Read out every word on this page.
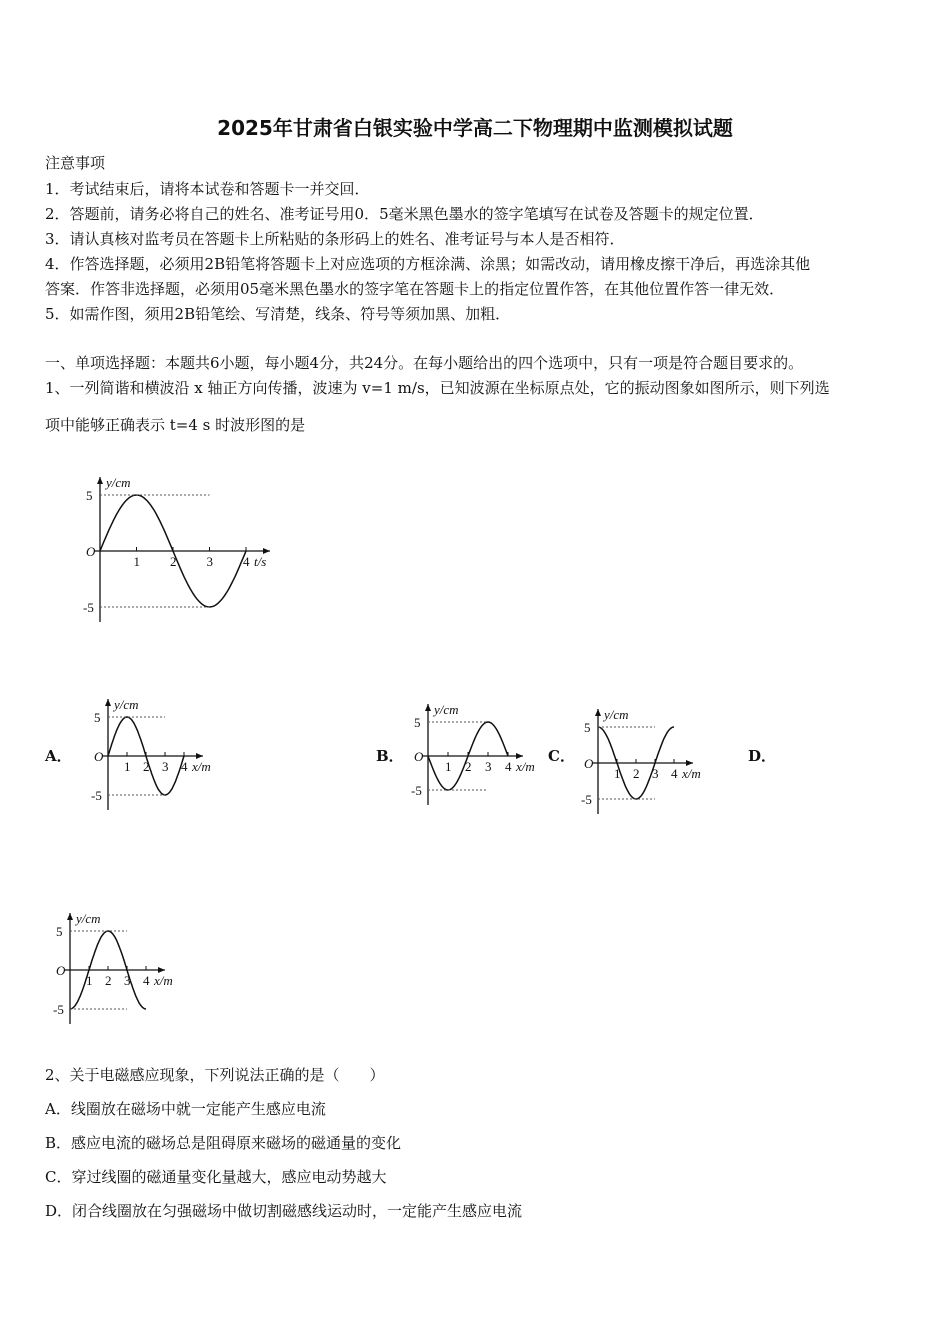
2025年甘肃省白银实验中学高二下物理期中监测模拟试题
注意事项
1．考试结束后，请将本试卷和答题卡一并交回．
2．答题前，请务必将自己的姓名、准考证号用0．5毫米黑色墨水的签字笔填写在试卷及答题卡的规定位置．
3．请认真核对监考员在答题卡上所粘贴的条形码上的姓名、准考证号与本人是否相符．
4．作答选择题，必须用2B铅笔将答题卡上对应选项的方框涂满、涂黑；如需改动，请用橡皮擦干净后，再选涂其他
答案．作答非选择题，必须用05毫米黑色墨水的签字笔在答题卡上的指定位置作答，在其他位置作答一律无效．
5．如需作图，须用2B铅笔绘、写清楚，线条、符号等须加黑、加粗．
一、单项选择题：本题共6小题，每小题4分，共24分。在每小题给出的四个选项中，只有一项是符合题目要求的。
1、一列简谐和横波沿 x 轴正方向传播，波速为 v=1 m/s，已知波源在坐标原点处，它的振动图象如图所示，则下列选
项中能够正确表示 t=4 s 时波形图的是
A．	B．	C．	D．
y/cm
5
-5
O
1 2 3 4 t/s
y/cm
5
-5
O
1 2 3 4 x/m
y/cm
5
-5
O
1 2 3 4 x/m
y/cm
5
-5
O
1 2 3 4 x/m
y/cm
5
-5
O
1 2 3 4 x/m
2、关于电磁感应现象，下列说法正确的是（　　）
A．线圈放在磁场中就一定能产生感应电流
B．感应电流的磁场总是阻碍原来磁场的磁通量的变化
C．穿过线圈的磁通量变化量越大，感应电动势越大
D．闭合线圈放在匀强磁场中做切割磁感线运动时，一定能产生感应电流
